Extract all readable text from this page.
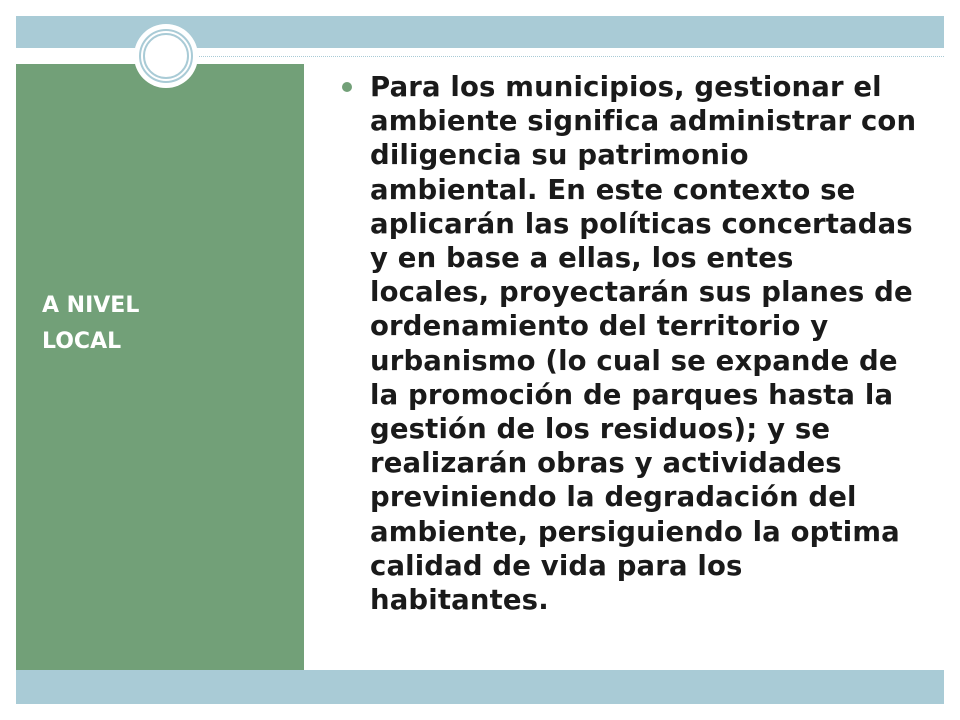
A NIVEL
LOCAL
Para los municipios, gestionar el ambiente significa administrar con diligencia su patrimonio ambiental. En este contexto se aplicarán las políticas concertadas y en base a ellas, los entes locales, proyectarán sus planes de ordenamiento del territorio y urbanismo (lo cual se expande de la promoción de parques hasta la gestión de los residuos); y se realizarán obras y actividades previniendo la degradación del ambiente, persiguiendo la optima calidad de vida para los habitantes.
